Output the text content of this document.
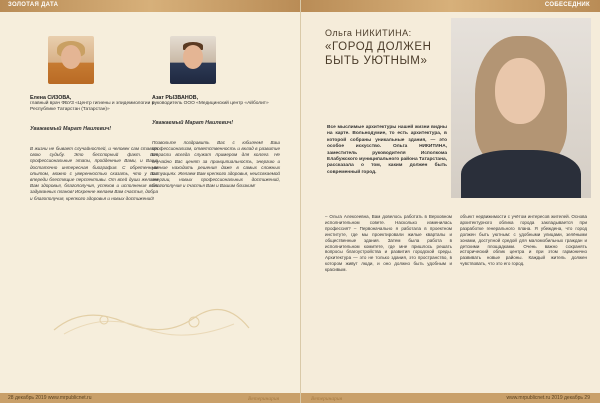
ЗОЛОТАЯ ДАТА
Елена СИЗОВА,
главный врач ФБУЗ «Центр гигиены и эпидемиологии в Республике Татарстан (Татарстан)»
Уважаемый Марат Наилевич!
В жизни не бывает случайностей, и человек сам ставит свою судьбу. Это бесспорный факт. Все профессиональные этапы, пройденные Вами, и Ваша достаточно интересная биография. С обретенным опытом, можно с уверенностью сказать, что у Вас впереди блестящие перспективы. От всей души желаем Вам здоровья, благополучия, успехов и исполнения всех задуманных планов! Искренне желаем Вам счастья, добра и благополучия, крепкого здоровья и новых достижений!
Азат РЫЗВАНОВ,
руководитель ООО «Медицинский центр «Айболит»
Уважаемый Марат Наилевич!
Позвольте поздравить Вас с юбилеем! Ваш профессионализм, ответственность и вклад в развитие отрасли всегда служат примером для коллег. Не случайно Вас ценят за принципиальность, энергию и умение находить решения даже в самых сложных ситуациях. Желаем Вам крепкого здоровья, неиссякаемой энергии, новых профессиональных достижений, благополучия и счастья Вам и Вашим близким!
28 декабрь 2019 www.mrpublicnet.ru	Ветеринария
СОБЕСЕДНИК
Ольга НИКИТИНА:
«ГОРОД ДОЛЖЕН БЫТЬ УЮТНЫМ»
Все мыслимые архитектуры нашей жизни видны на карте. Вольнодумие, то есть архитектура, в которой собраны уникальные здания, — это особое искусство. Ольга НИКИТИНА, заместитель руководителя Исполкома Елабужского муниципального района Татарстана, рассказала о том, каким должен быть современный город.
– Ольга Алексеевна, Вам довелось работать в Верховном исполнительном совете. Насколько изменилась профессия? – Первоначально я работала в проектном институте, где мы проектировали жилые кварталы и общественные здания. Затем была работа в исполнительном комитете, где мне пришлось решать вопросы благоустройства и развития городской среды. Архитектура — это не только здания, это пространство, в котором живут люди, и оно должно быть удобным и красивым.
объект недвижимости с учётом интересов жителей. Основа архитектурного облика города закладывается при разработке генерального плана. Я убеждена, что город должен быть уютным: с удобными улицами, зелёными зонами, доступной средой для маломобильных граждан и детскими площадками. Очень важно сохранять исторический облик центра и при этом гармонично развивать новые районы. Каждый житель должен чувствовать, что это его город.
Ветеринария	www.mrpublicnet.ru 2019 декабрь 29
